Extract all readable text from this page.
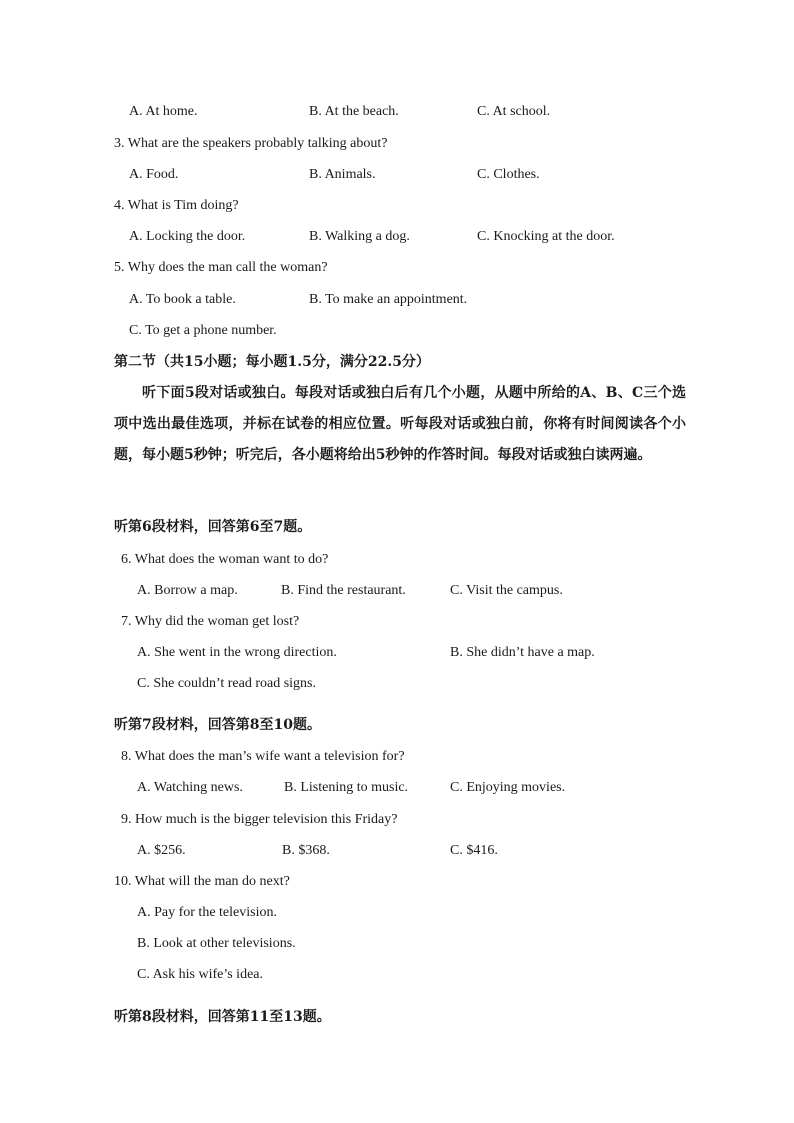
A. At home.	B. At the beach.	C. At school.
3. What are the speakers probably talking about?
A. Food.	B. Animals.	C. Clothes.
4. What is Tim doing?
A. Locking the door.	B. Walking a dog.	C. Knocking at the door.
5. Why does the man call the woman?
A. To book a table.	B. To make an appointment.
C. To get a phone number.
第二节（共15小题；每小题1.5分，满分22.5分）
听下面5段对话或独白。每段对话或独白后有几个小题，从题中所给的A、B、C三个选项中选出最佳选项，并标在试卷的相应位置。听每段对话或独白前，你将有时间阅读各个小题，每小题5秒钟；听完后，各小题将给出5秒钟的作答时间。每段对话或独白读两遍。
听第6段材料，回答第6至7题。
6. What does the woman want to do?
A. Borrow a map.	B. Find the restaurant.	C. Visit the campus.
7. Why did the woman get lost?
A. She went in the wrong direction.	B. She didn’t have a map.
C. She couldn’t read road signs.
听第7段材料，回答第8至10题。
8. What does the man’s wife want a television for?
A. Watching news.	B. Listening to music.	C. Enjoying movies.
9. How much is the bigger television this Friday?
A. $256.	B. $368.	C. $416.
10. What will the man do next?
A. Pay for the television.
B. Look at other televisions.
C. Ask his wife’s idea.
听第8段材料，回答第11至13题。
